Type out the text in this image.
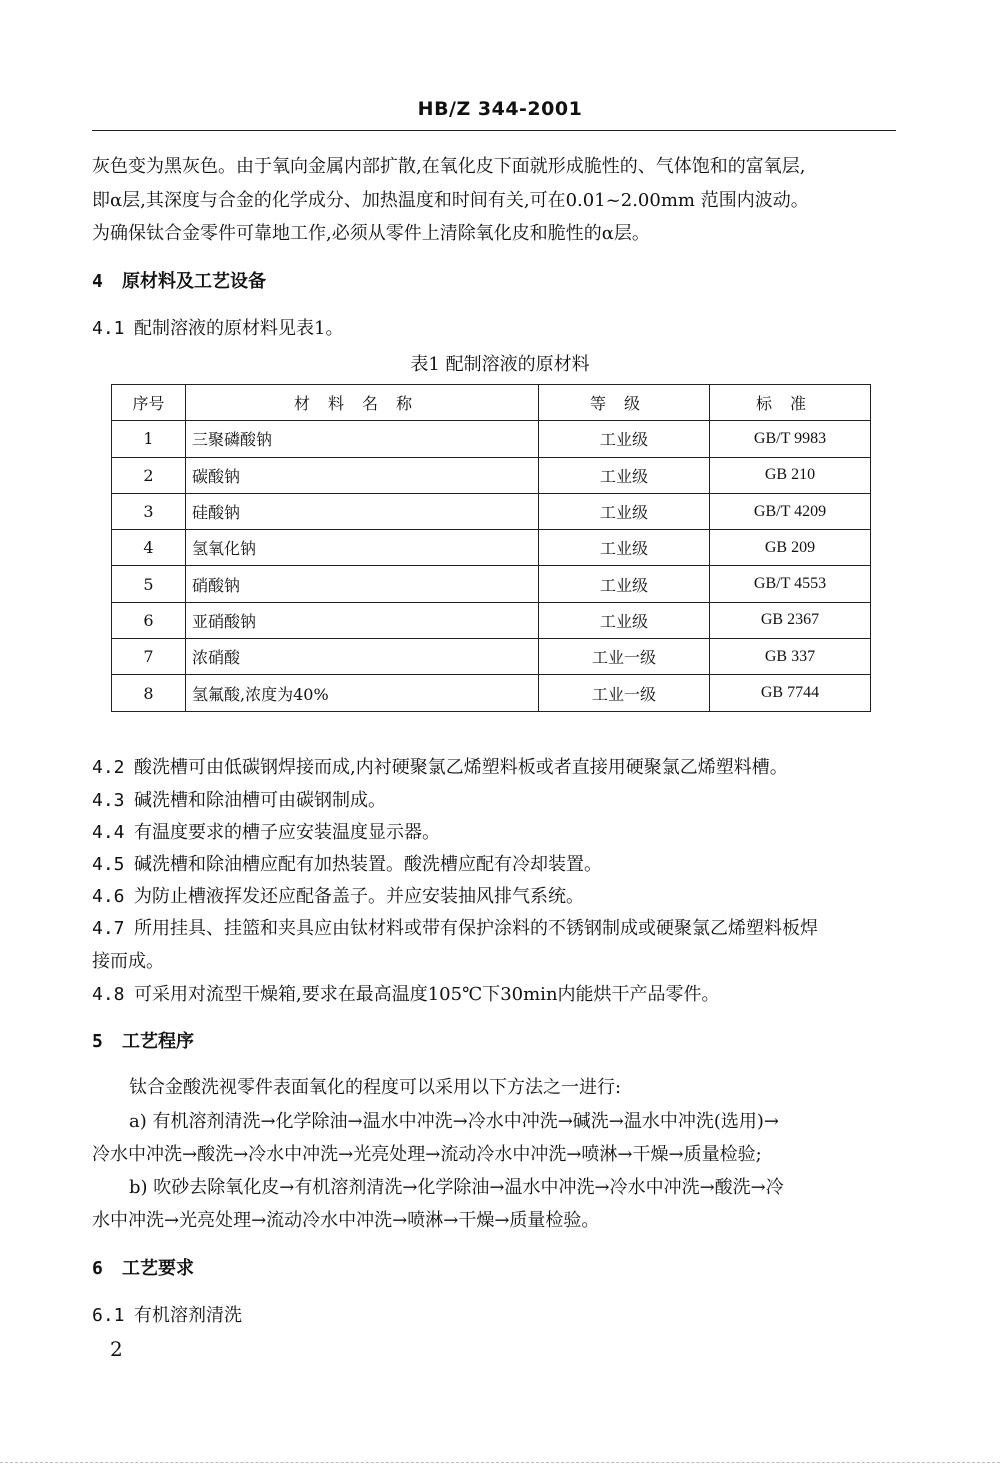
HB/Z 344-2001
灰色变为黑灰色。由于氧向金属内部扩散,在氧化皮下面就形成脆性的、气体饱和的富氧层,
即α层,其深度与合金的化学成分、加热温度和时间有关,可在0.01~2.00mm 范围内波动。
为确保钛合金零件可靠地工作,必须从零件上清除氧化皮和脆性的α层。
4 原材料及工艺设备
4.1 配制溶液的原材料见表1。
表1 配制溶液的原材料
序号	材料名称	等级	标准
1	三聚磷酸钠	工业级	GB/T 9983
2	碳酸钠	工业级	GB 210
3	硅酸钠	工业级	GB/T 4209
4	氢氧化钠	工业级	GB 209
5	硝酸钠	工业级	GB/T 4553
6	亚硝酸钠	工业级	GB 2367
7	浓硝酸	工业一级	GB 337
8	氢氟酸,浓度为40%	工业一级	GB 7744
4.2 酸洗槽可由低碳钢焊接而成,内衬硬聚氯乙烯塑料板或者直接用硬聚氯乙烯塑料槽。
4.3 碱洗槽和除油槽可由碳钢制成。
4.4 有温度要求的槽子应安装温度显示器。
4.5 碱洗槽和除油槽应配有加热装置。酸洗槽应配有冷却装置。
4.6 为防止槽液挥发还应配备盖子。并应安装抽风排气系统。
4.7 所用挂具、挂篮和夹具应由钛材料或带有保护涂料的不锈钢制成或硬聚氯乙烯塑料板焊
接而成。
4.8 可采用对流型干燥箱,要求在最高温度105℃下30min内能烘干产品零件。
5 工艺程序
钛合金酸洗视零件表面氧化的程度可以采用以下方法之一进行:
a) 有机溶剂清洗→化学除油→温水中冲洗→冷水中冲洗→碱洗→温水中冲洗(选用)→
冷水中冲洗→酸洗→冷水中冲洗→光亮处理→流动冷水中冲洗→喷淋→干燥→质量检验;
b) 吹砂去除氧化皮→有机溶剂清洗→化学除油→温水中冲洗→冷水中冲洗→酸洗→冷
水中冲洗→光亮处理→流动冷水中冲洗→喷淋→干燥→质量检验。
6 工艺要求
6.1 有机溶剂清洗
2
